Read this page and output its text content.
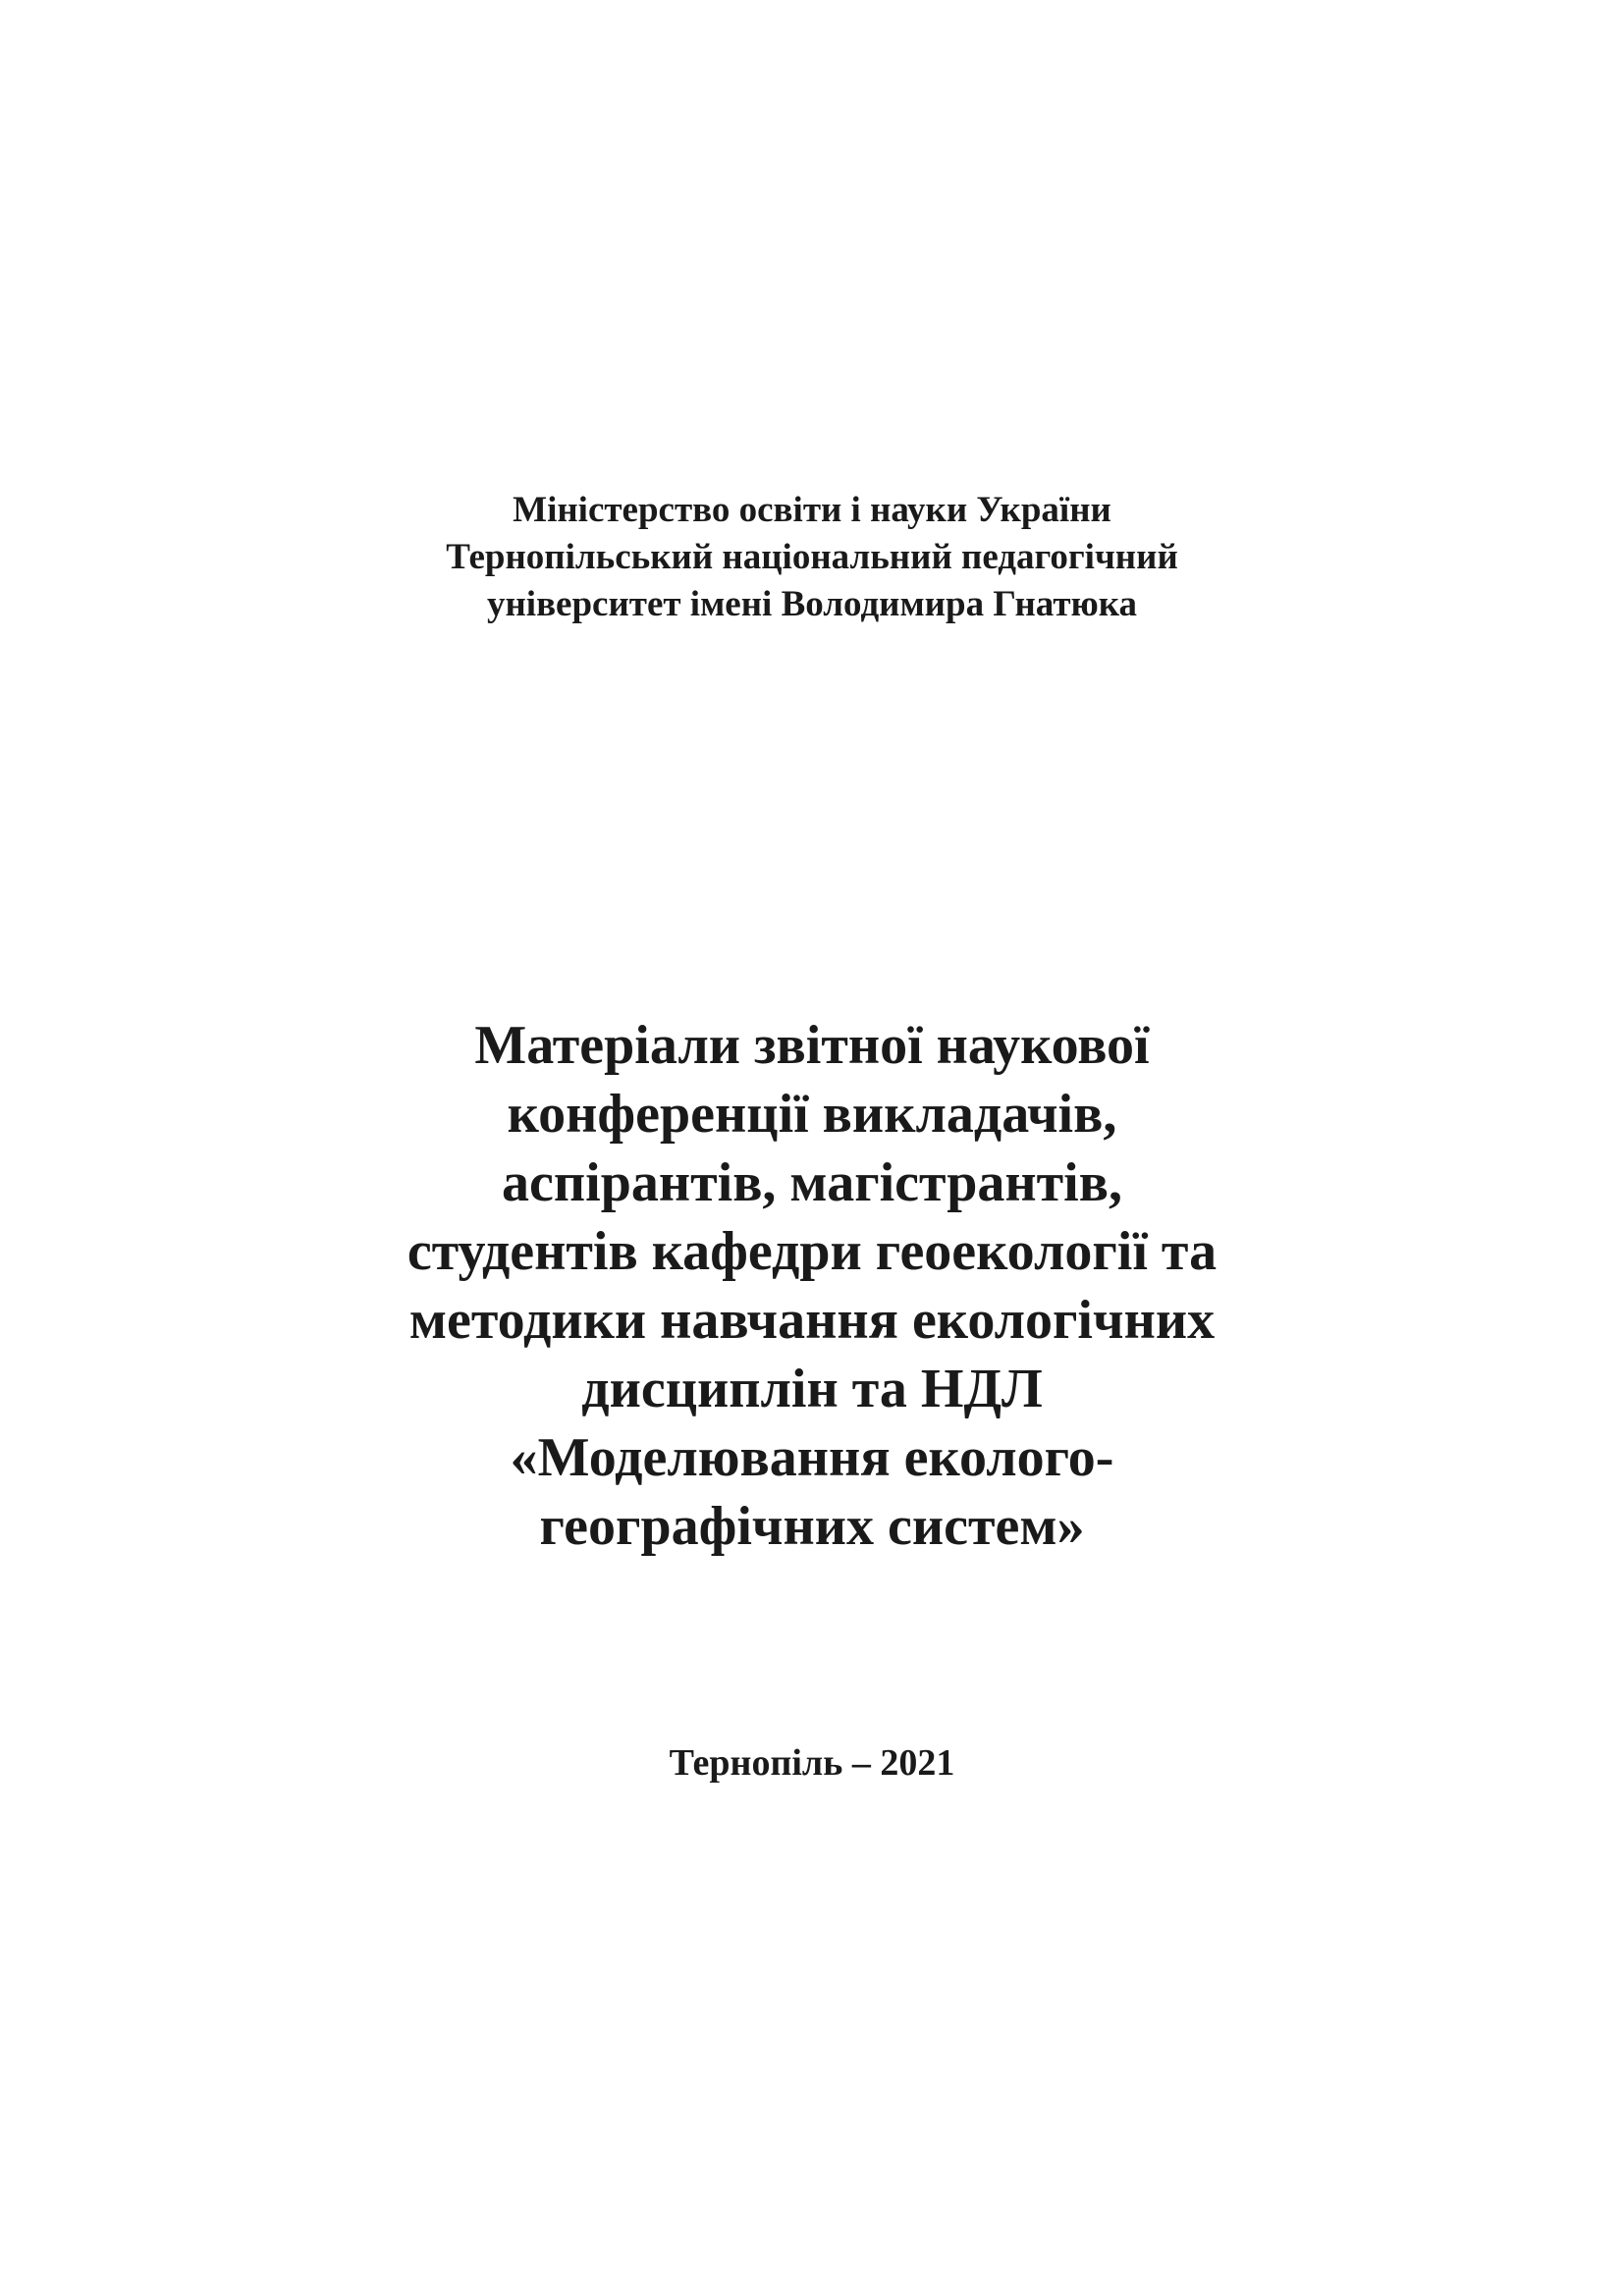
Міністерство освіти і науки України
Тернопільський національний педагогічний
університет імені Володимира Гнатюка
Матеріали звітної наукової
конференції викладачів,
аспірантів, магістрантів,
студентів кафедри геоекології та
методики навчання екологічних
дисциплін та НДЛ
«Моделювання еколого-
географічних систем»
Тернопіль – 2021
